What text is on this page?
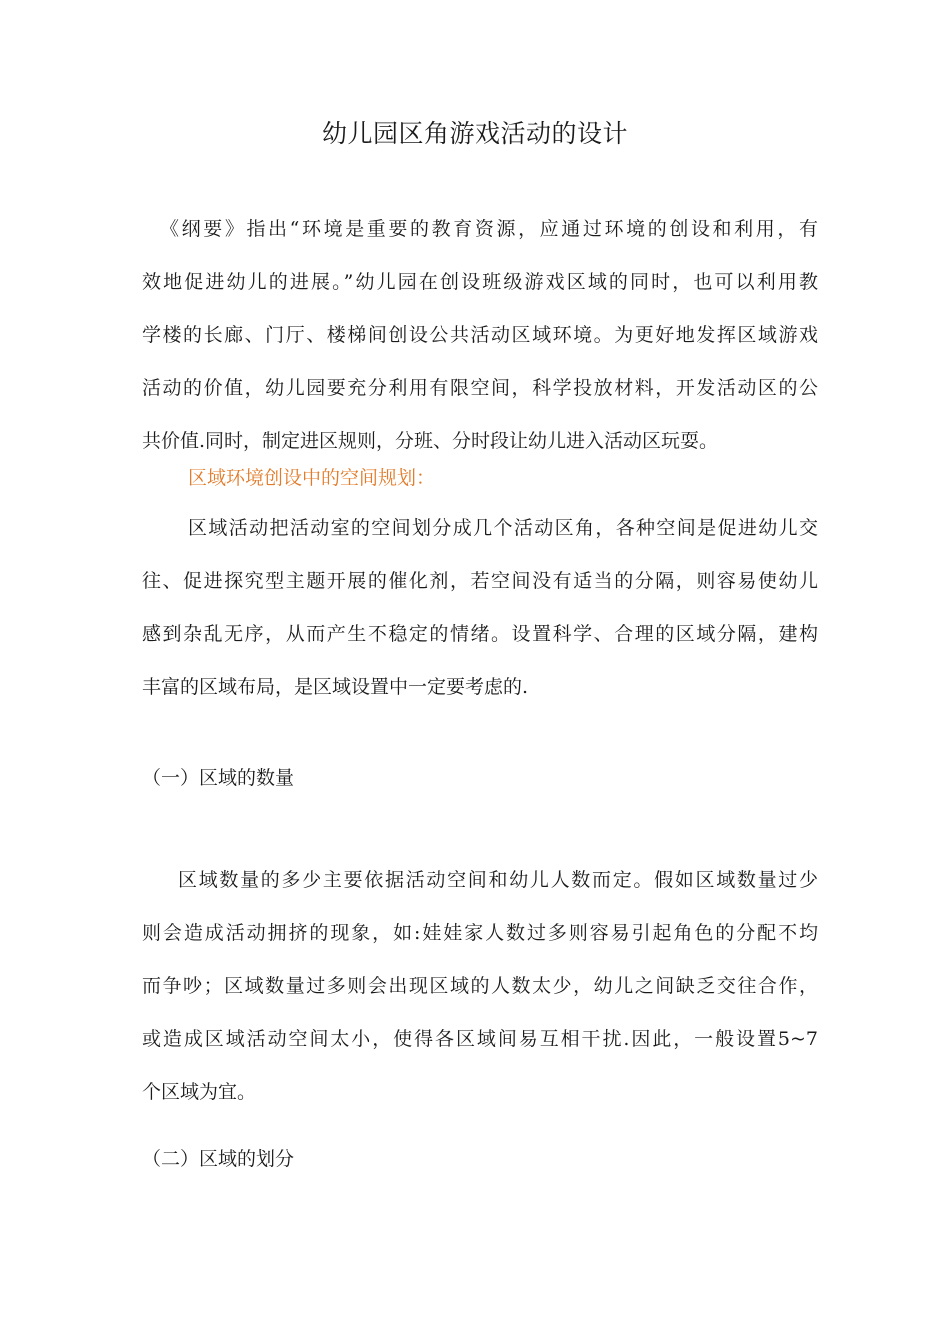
幼儿园区角游戏活动的设计

《纲要》指出“环境是重要的教育资源，应通过环境的创设和利用，有
效地促进幼儿的进展。”幼儿园在创设班级游戏区域的同时，也可以利用教
学楼的长廊、门厅、楼梯间创设公共活动区域环境。为更好地发挥区域游戏
活动的价值，幼儿园要充分利用有限空间，科学投放材料，开发活动区的公
共价值.同时，制定进区规则，分班、分时段让幼儿进入活动区玩耍。

区域环境创设中的空间规划：

区域活动把活动室的空间划分成几个活动区角，各种空间是促进幼儿交
往、促进探究型主题开展的催化剂，若空间没有适当的分隔，则容易使幼儿
感到杂乱无序，从而产生不稳定的情绪。设置科学、合理的区域分隔，建构
丰富的区域布局，是区域设置中一定要考虑的.

（一）区域的数量

区域数量的多少主要依据活动空间和幼儿人数而定。假如区域数量过少
则会造成活动拥挤的现象，如:娃娃家人数过多则容易引起角色的分配不均
而争吵；区域数量过多则会出现区域的人数太少，幼儿之间缺乏交往合作，
或造成区域活动空间太小，使得各区域间易互相干扰.因此，一般设置5~7
个区域为宜。

（二）区域的划分
